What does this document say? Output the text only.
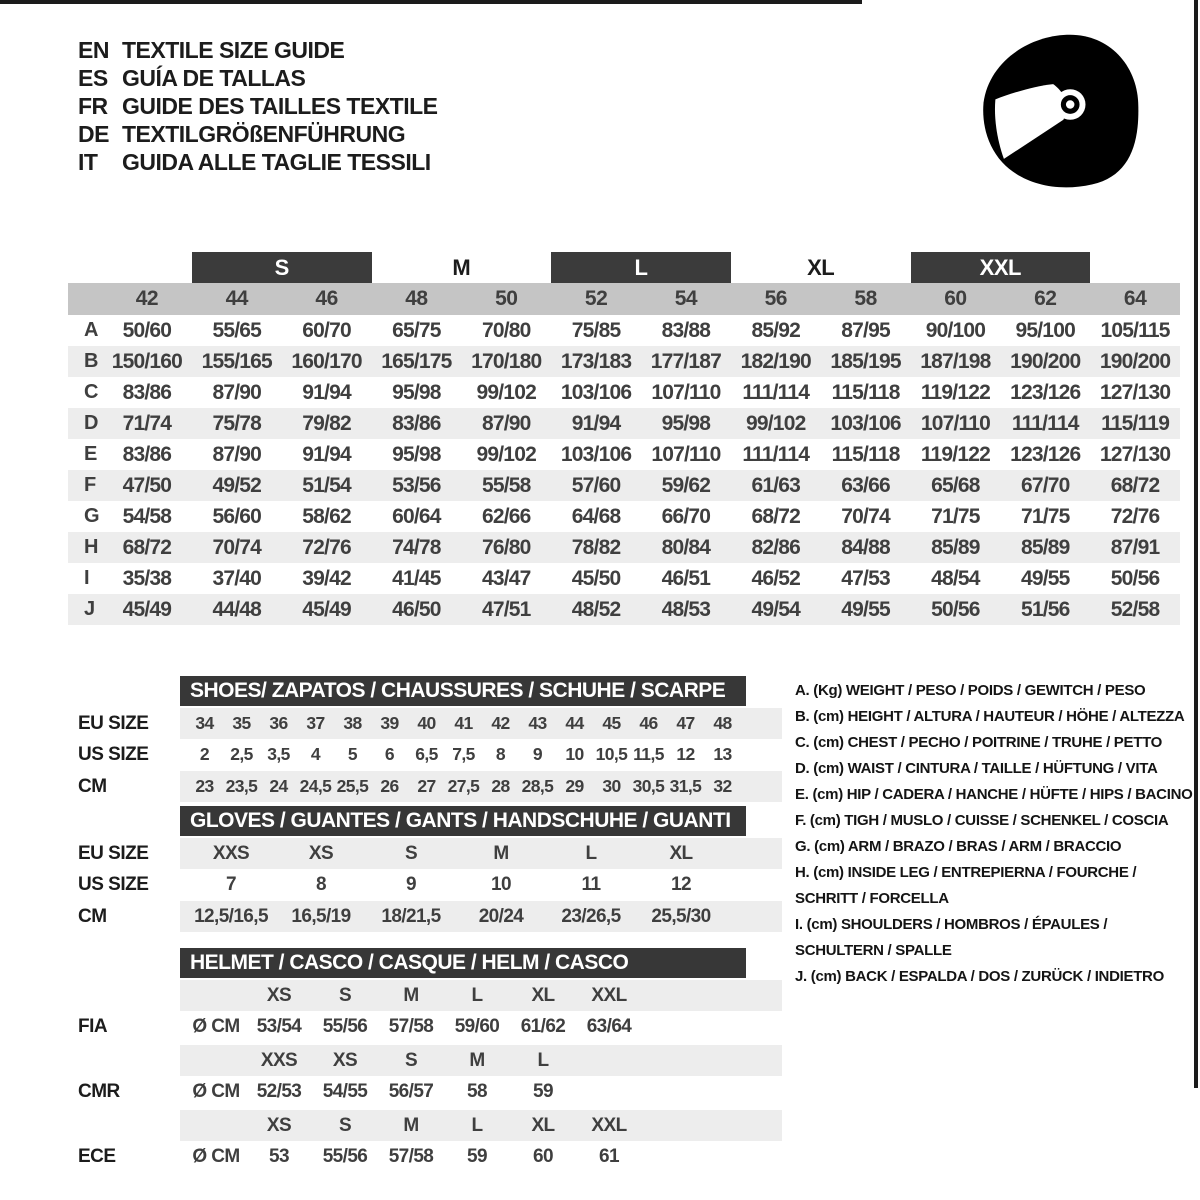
EN TEXTILE SIZE GUIDE
ES GUÍA DE TALLAS
FR GUIDE DES TAILLES TEXTILE
DE TEXTILGRÖßENFÜHRUNG
IT	GUIDA ALLE TAGLIE TESSILI
S	M	L	XL	XXL
42	44	46	48	50	52	54	56	58	60	62	64
A	50/60	55/65	60/70	65/75	70/80	75/85	83/88	85/92	87/95	90/100	95/100	105/115
B 150/160 155/165 160/170 165/175 170/180 173/183 177/187 182/190 185/195 187/198 190/200 190/200
C	83/86	87/90	91/94	95/98	99/102	103/106 107/110	111/114	115/118	119/122 123/126 127/130
D	71/74	75/78	79/82	83/86	87/90	91/94	95/98	99/102	103/106 107/110	111/114	115/119
E	83/86	87/90	91/94	95/98	99/102	103/106 107/110	111/114	115/118	119/122 123/126 127/130
F	47/50	49/52	51/54	53/56	55/58	57/60	59/62	61/63	63/66	65/68	67/70	68/72
G	54/58	56/60	58/62	60/64	62/66	64/68	66/70	68/72	70/74	71/75	71/75	72/76
H	68/72	70/74	72/76	74/78	76/80	78/82	80/84	82/86	84/88	85/89	85/89	87/91
I	35/38	37/40	39/42	41/45	43/47	45/50	46/51	46/52	47/53	48/54	49/55	50/56
J	45/49	44/48	45/49	46/50	47/51	48/52	48/53	49/54	49/55	50/56	51/56	52/58
SHOES/ ZAPATOS / CHAUSSURES / SCHUHE / SCARPE
EU SIZE	34	35	36	37	38	39	40	41	42	43	44	45	46	47	48
US SIZE	2	2,5 3,5	4	5	6	6,5 7,5	8	9	10 10,5 11,5 12	13
CM	23 23,5 24 24,5 25,5 26	27 27,5 28 28,5 29	30 30,5 31,5 32
GLOVES / GUANTES / GANTS / HANDSCHUHE / GUANTI
EU SIZE	XXS	XS	S	M	L	XL
US SIZE	7	8	9	10	11	12
CM	12,5/16,5	16,5/19	18/21,5	20/24	23/26,5	25,5/30
HELMET / CASCO / CASQUE / HELM / CASCO
XS	S	M	L	XL	XXL
FIA	Ø CM 53/54	55/56	57/58	59/60	61/62	63/64
XXS	XS	S	M	L
CMR	Ø CM 52/53	54/55	56/57	58	59
XS	S	M	L	XL	XXL
ECE	Ø CM	53	55/56	57/58	59	60	61
A. (Kg) WEIGHT / PESO / POIDS / GEWITCH / PESO
B. (cm) HEIGHT / ALTURA / HAUTEUR / HÖHE / ALTEZZA
C. (cm) CHEST / PECHO / POITRINE / TRUHE / PETTO
D. (cm) WAIST / CINTURA / TAILLE / HÜFTUNG / VITA
E. (cm) HIP / CADERA / HANCHE / HÜFTE / HIPS / BACINO
F. (cm) TIGH / MUSLO / CUISSE / SCHENKEL / COSCIA
G. (cm) ARM / BRAZO / BRAS / ARM / BRACCIO
H. (cm) INSIDE LEG / ENTREPIERNA / FOURCHE / SCHRITT / FORCELLA
I. (cm) SHOULDERS / HOMBROS / ÉPAULES / SCHULTERN / SPALLE
J. (cm) BACK / ESPALDA / DOS / ZURÜCK / INDIETRO
